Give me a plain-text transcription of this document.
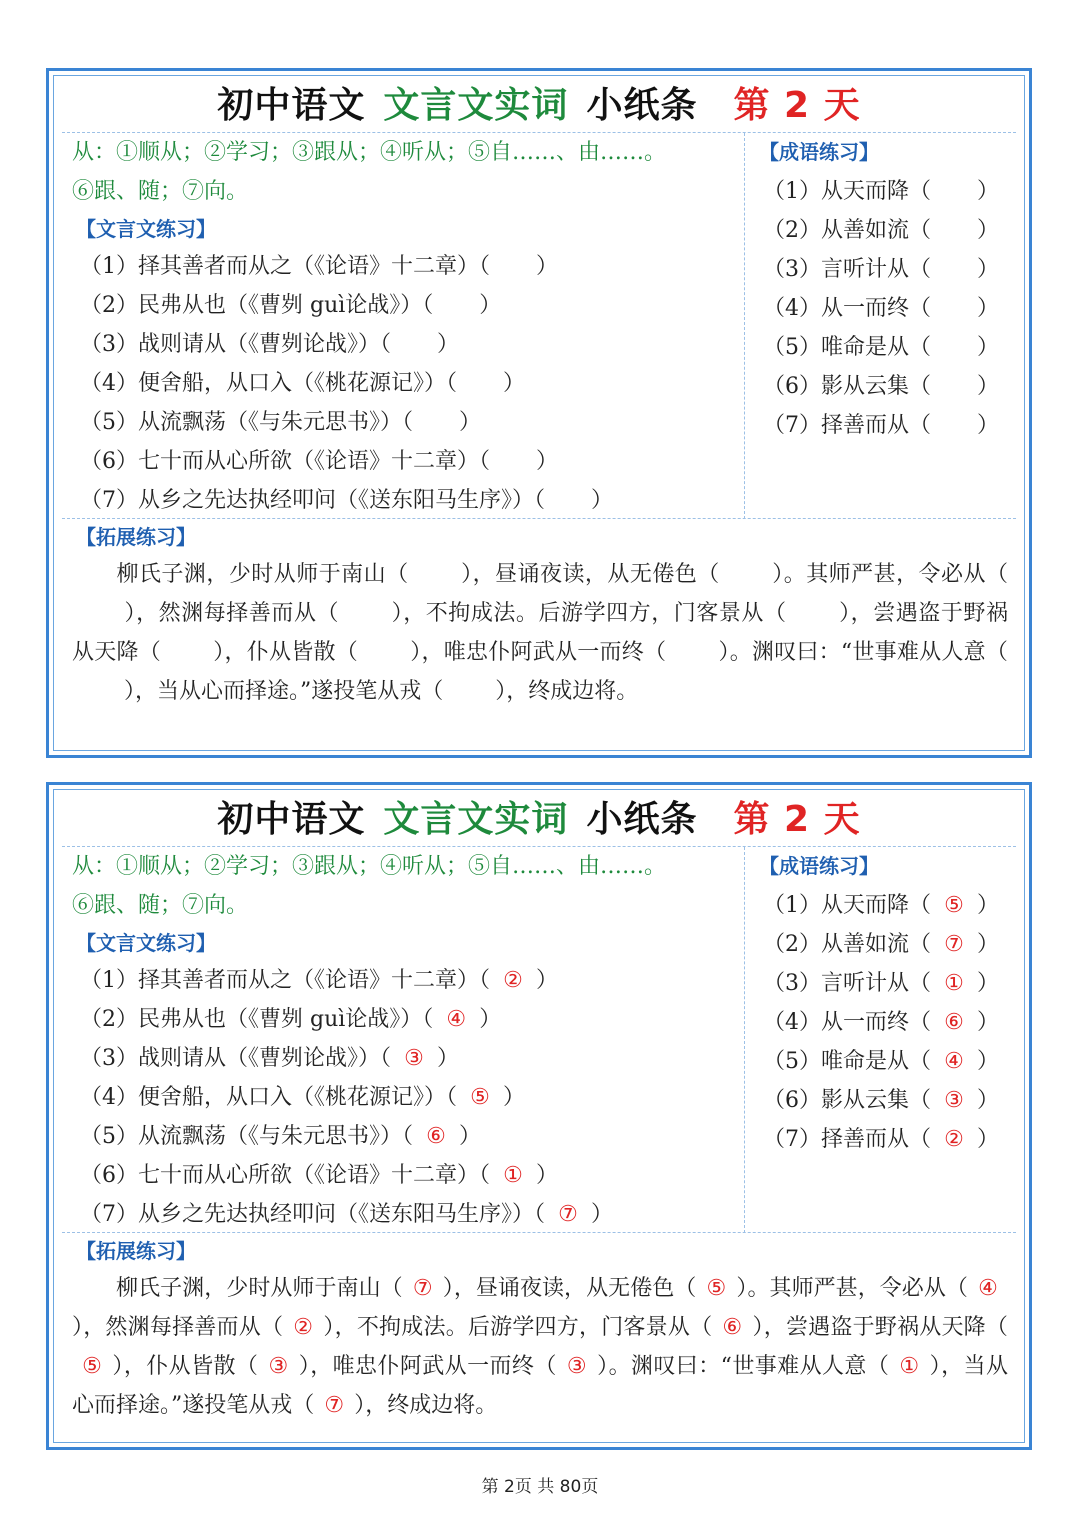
初中语文 文言文实词 小纸条 第 2 天
从：①顺从；②学习；③跟从；④听从；⑤自……、由……。
⑥跟、随；⑦向。
【文言文练习】
（1）择其善者而从之（《论语》十二章）（ ）
（2）民弗从也（《曹刿 guì论战》）（ ）
（3）战则请从（《曹刿论战》）（ ）
（4）便舍船，从口入（《桃花源记》）（ ）
（5）从流飘荡（《与朱元思书》）（ ）
（6）七十而从心所欲（《论语》十二章）（ ）
（7）从乡之先达执经叩问（《送东阳马生序》）（ ）
【成语练习】
（1）从天而降（ ）
（2）从善如流（ ）
（3）言听计从（ ）
（4）从一而终（ ）
（5）唯命是从（ ）
（6）影从云集（ ）
（7）择善而从（ ）
【拓展练习】
柳氏子渊，少时从师于南山（ ），昼诵夜读，从无倦色（ ）。其师严甚，令必从（），然渊每择善而从（ ），不拘成法。后游学四方，门客景从（ ），尝遇盗于野祸从天降（ ），仆从皆散（ ），唯忠仆阿武从一而终（ ）。渊叹曰：“世事难从人意（），当从心而择途。”遂投笔从戎（ ），终成边将。
初中语文 文言文实词 小纸条 第 2 天
从：①顺从；②学习；③跟从；④听从；⑤自……、由……。
⑥跟、随；⑦向。
【文言文练习】
（1）择其善者而从之（《论语》十二章）（ ② ）
（2）民弗从也（《曹刿 guì论战》）（ ④ ）
（3）战则请从（《曹刿论战》）（ ③ ）
（4）便舍船，从口入（《桃花源记》）（ ⑤ ）
（5）从流飘荡（《与朱元思书》）（ ⑥ ）
（6）七十而从心所欲（《论语》十二章）（ ① ）
（7）从乡之先达执经叩问（《送东阳马生序》）（ ⑦ ）
【成语练习】
（1）从天而降（ ⑤ ）
（2）从善如流（ ⑦ ）
（3）言听计从（ ① ）
（4）从一而终（ ⑥ ）
（5）唯命是从（ ④ ）
（6）影从云集（ ③ ）
（7）择善而从（ ② ）
【拓展练习】
柳氏子渊，少时从师于南山（ ⑦ ），昼诵夜读，从无倦色（ ⑤ ）。其师严甚，令必从（ ④），然渊每择善而从（ ② ），不拘成法。后游学四方，门客景从（ ⑥ ），尝遇盗于野祸从天降（⑤ ），仆从皆散（ ③ ），唯忠仆阿武从一而终（ ③ ）。渊叹曰：“世事难从人意（ ① ），当从心而择途。”遂投笔从戎（ ⑦ ），终成边将。
第 2页 共 80页
